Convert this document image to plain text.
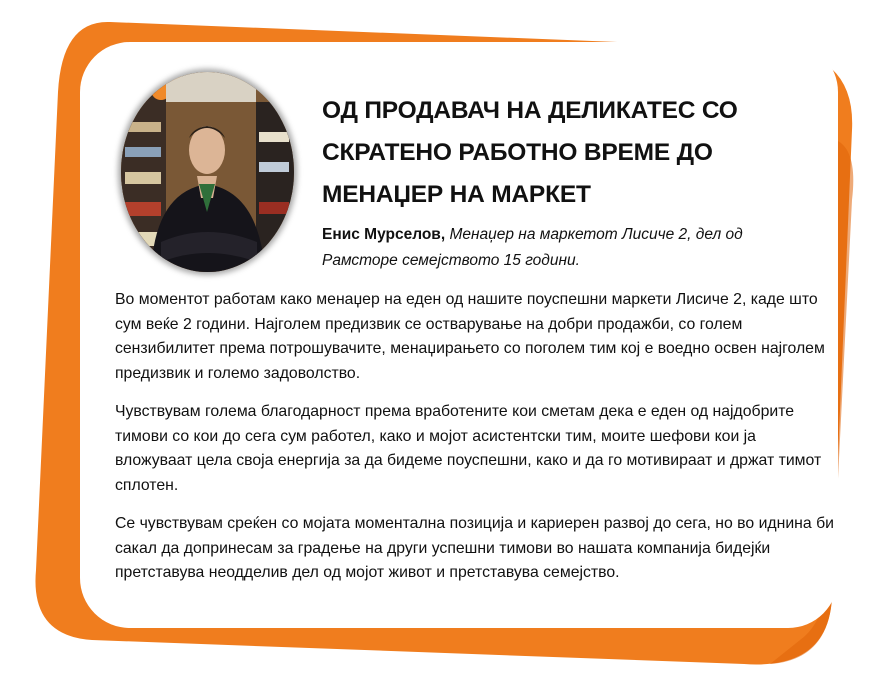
ОД ПРОДАВАЧ НА ДЕЛИКАТЕС СО
СКРАТЕНО РАБОТНО ВРЕМЕ ДО
МЕНАЏЕР НА МАРКЕТ
Енис Мурселов, Менаџер на маркетот Лисиче 2, дел од Рамсторе семејството 15 години.

Во моментот работам како менаџер на еден од нашите поуспешни маркети Лисиче 2, каде што сум веќе 2 години. Најголем предизвик се остварување на добри продажби, со голем сензибилитет према потрошувачите, менаџирањето со поголем тим кој е воедно освен најголем предизвик и големо задоволство.

Чувствувам голема благодарност према вработените кои сметам дека е еден од најдобрите тимови со кои до сега сум работел, како и мојот асистентски тим, моите шефови кои ја вложуваат цела своја енергија за да бидеме поуспешни, како и да го мотивираат и држат тимот сплотен.

Се чувствувам среќен со мојата моментална позиција и кариерен развој до сега, но во иднина би сакал да допринесам за градење на други успешни тимови во нашата компанија бидејќи претставува неодделив дел од мојот живот и претставува семејство.
